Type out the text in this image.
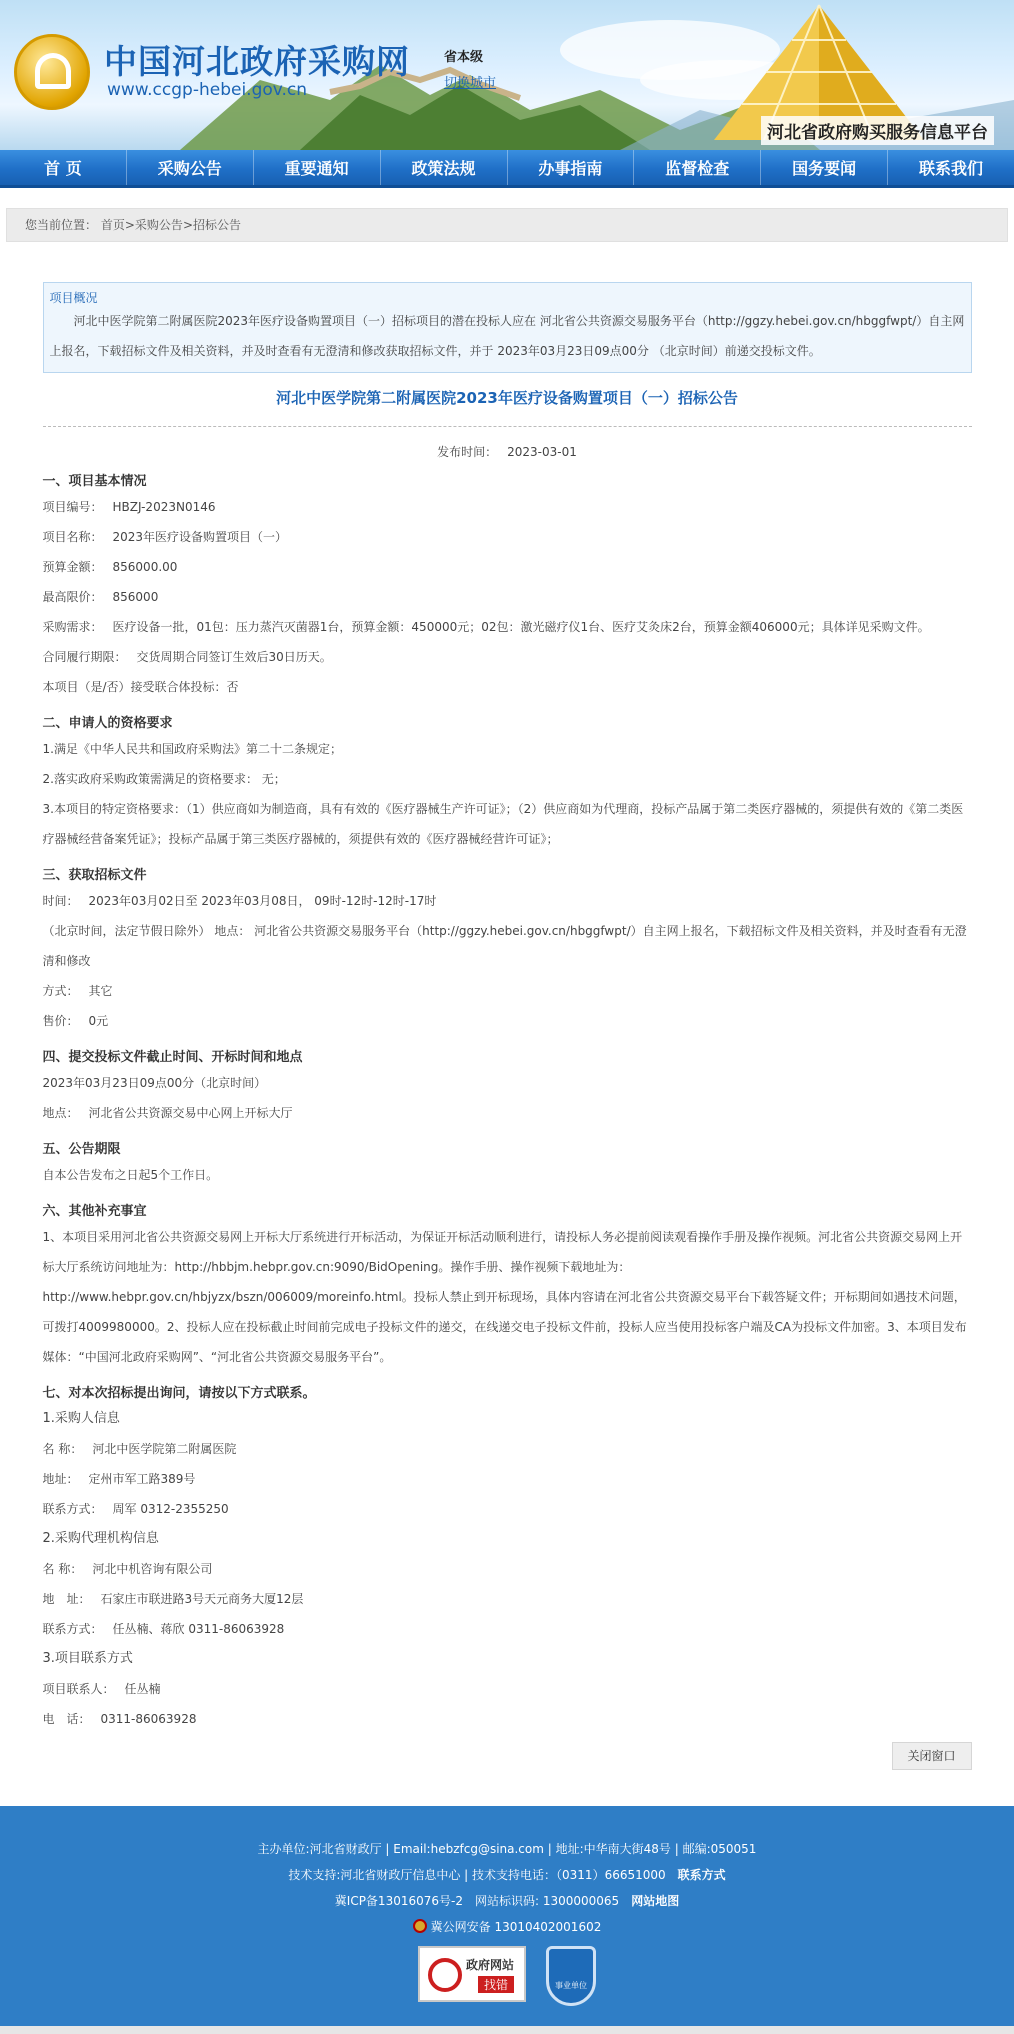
中国河北政府采购网
www.ccgp-hebei.gov.cn
省本级
切换城市
河北省政府购买服务信息平台
首 页	采购公告	重要通知	政策法规	办事指南	监督检查	国务要闻	联系我们
您当前位置： 首页>采购公告>招标公告
项目概况
河北中医学院第二附属医院2023年医疗设备购置项目（一）招标项目的潜在投标人应在 河北省公共资源交易服务平台（http://ggzy.hebei.gov.cn/hbggfwpt/）自主网上报名，下载招标文件及相关资料，并及时查看有无澄清和修改获取招标文件，并于 2023年03月23日09点00分 （北京时间）前递交投标文件。
河北中医学院第二附属医院2023年医疗设备购置项目（一）招标公告
发布时间： 2023-03-01
一、项目基本情况
项目编号： HBZJ-2023N0146
项目名称： 2023年医疗设备购置项目（一）
预算金额： 856000.00
最高限价： 856000
采购需求： 医疗设备一批，01包：压力蒸汽灭菌器1台，预算金额：450000元；02包：激光磁疗仪1台、医疗艾灸床2台，预算金额406000元；具体详见采购文件。
合同履行期限： 交货周期合同签订生效后30日历天。
本项目（是/否）接受联合体投标：否
二、申请人的资格要求
1.满足《中华人民共和国政府采购法》第二十二条规定；
2.落实政府采购政策需满足的资格要求： 无；
3.本项目的特定资格要求：（1）供应商如为制造商，具有有效的《医疗器械生产许可证》；（2）供应商如为代理商，投标产品属于第二类医疗器械的，须提供有效的《第二类医疗器械经营备案凭证》；投标产品属于第三类医疗器械的，须提供有效的《医疗器械经营许可证》；
三、获取招标文件
时间： 2023年03月02日至 2023年03月08日， 09时-12时-12时-17时
（北京时间，法定节假日除外） 地点： 河北省公共资源交易服务平台（http://ggzy.hebei.gov.cn/hbggfwpt/）自主网上报名，下载招标文件及相关资料，并及时查看有无澄清和修改
方式： 其它
售价： 0元
四、提交投标文件截止时间、开标时间和地点
2023年03月23日09点00分（北京时间）
地点： 河北省公共资源交易中心网上开标大厅
五、公告期限
自本公告发布之日起5个工作日。
六、其他补充事宜
1、本项目采用河北省公共资源交易网上开标大厅系统进行开标活动，为保证开标活动顺利进行，请投标人务必提前阅读观看操作手册及操作视频。河北省公共资源交易网上开标大厅系统访问地址为：http://hbbjm.hebpr.gov.cn:9090/BidOpening。操作手册、操作视频下载地址为：http://www.hebpr.gov.cn/hbjyzx/bszn/006009/moreinfo.html。投标人禁止到开标现场，具体内容请在河北省公共资源交易平台下载答疑文件；开标期间如遇技术问题，可拨打4009980000。2、投标人应在投标截止时间前完成电子投标文件的递交，在线递交电子投标文件前，投标人应当使用投标客户端及CA为投标文件加密。3、本项目发布媒体：“中国河北政府采购网”、“河北省公共资源交易服务平台”。
七、对本次招标提出询问，请按以下方式联系。
1.采购人信息
名 称： 河北中医学院第二附属医院
地址： 定州市军工路389号
联系方式： 周军 0312-2355250
2.采购代理机构信息
名 称： 河北中机咨询有限公司
地　址： 石家庄市联进路3号天元商务大厦12层
联系方式： 任丛楠、蒋欣 0311-86063928
3.项目联系方式
项目联系人： 任丛楠
电　话： 0311-86063928
关闭窗口
主办单位:河北省财政厅 | Email:hebzfcg@sina.com | 地址:中华南大街48号 | 邮编:050051
技术支持:河北省财政厅信息中心 | 技术支持电话：（0311）66651000　 联系方式
冀ICP备13016076号-2　网站标识码: 1300000065　 网站地图
冀公网安备 13010402001602
政府网站
找错	事业单位
